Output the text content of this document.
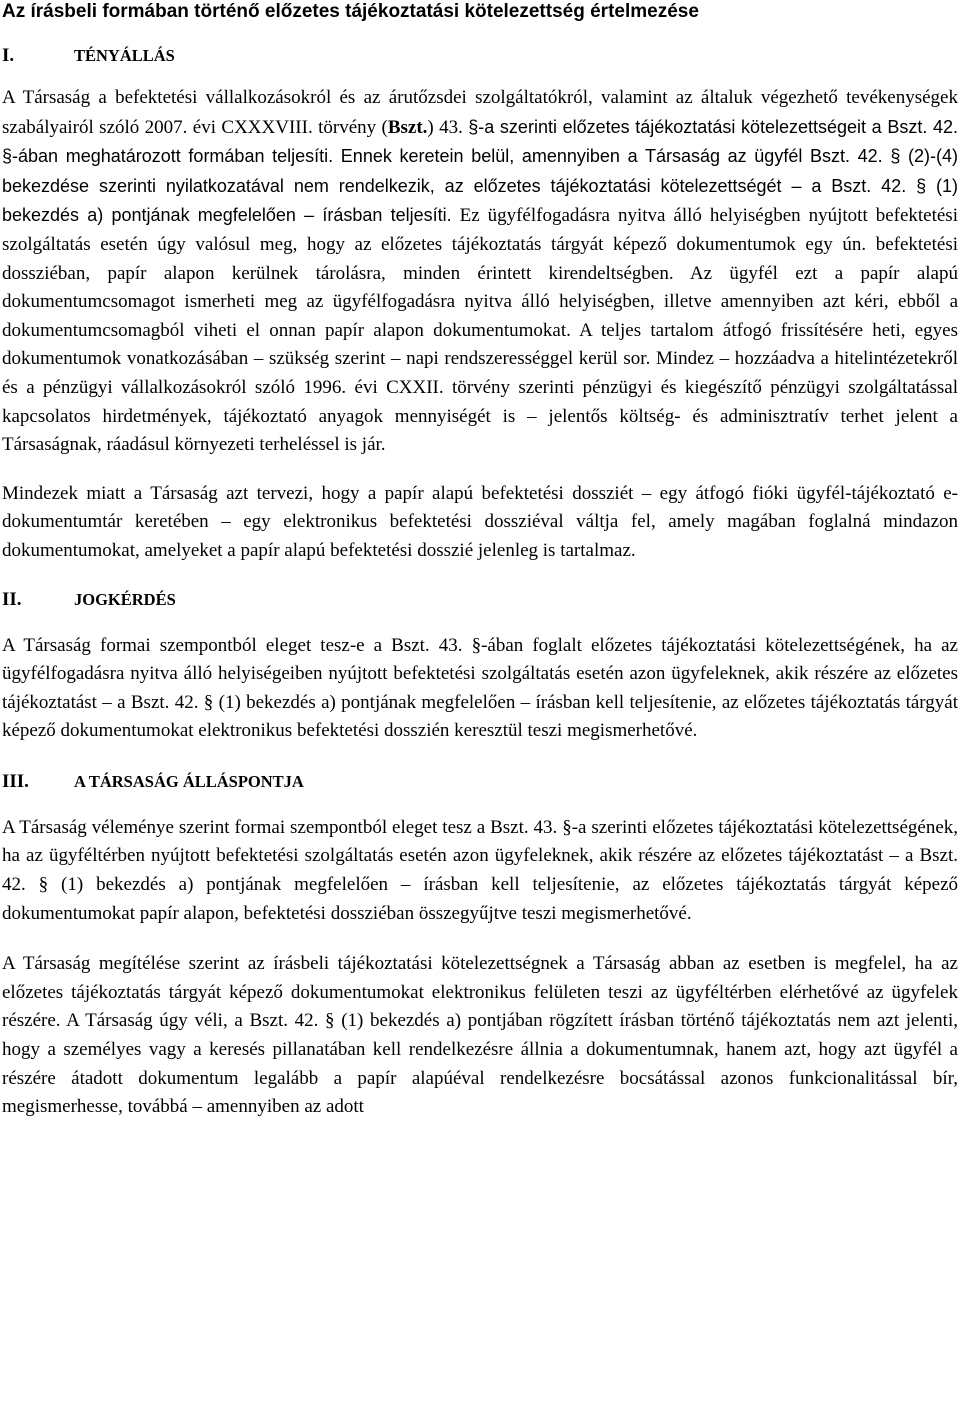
Az írásbeli formában történő előzetes tájékoztatási kötelezettség értelmezése
I.	TÉNYÁLLÁS

A Társaság a befektetési vállalkozásokról és az árutőzsdei szolgáltatókról, valamint az általuk végezhető tevékenységek szabályairól szóló 2007. évi CXXXVIII. törvény (Bszt.) 43. §-a szerinti előzetes tájékoztatási kötelezettségeit a Bszt. 42. §-ában meghatározott formában teljesíti. Ennek keretein belül, amennyiben a Társaság az ügyfél Bszt. 42. § (2)-(4) bekezdése szerinti nyilatkozatával nem rendelkezik, az előzetes tájékoztatási kötelezettségét – a Bszt. 42. § (1) bekezdés a) pontjának megfelelően – írásban teljesíti. Ez ügyfélfogadásra nyitva álló helyiségben nyújtott befektetési szolgáltatás esetén úgy valósul meg, hogy az előzetes tájékoztatás tárgyát képező dokumentumok egy ún. befektetési dossziéban, papír alapon kerülnek tárolásra, minden érintett kirendeltségben. Az ügyfél ezt a papír alapú dokumentumcsomagot ismerheti meg az ügyfélfogadásra nyitva álló helyiségben, illetve amennyiben azt kéri, ebből a dokumentumcsomagból viheti el onnan papír alapon dokumentumokat. A teljes tartalom átfogó frissítésére heti, egyes dokumentumok vonatkozásában – szükség szerint – napi rendszerességgel kerül sor. Mindez – hozzáadva a hitelintézetekről és a pénzügyi vállalkozásokról szóló 1996. évi CXXII. törvény szerinti pénzügyi és kiegészítő pénzügyi szolgáltatással kapcsolatos hirdetmények, tájékoztató anyagok mennyiségét is – jelentős költség- és adminisztratív terhet jelent a Társaságnak, ráadásul környezeti terheléssel is jár.

Mindezek miatt a Társaság azt tervezi, hogy a papír alapú befektetési dossziét – egy átfogó fióki ügyfél-tájékoztató e-dokumentumtár keretében – egy elektronikus befektetési dossziéval váltja fel, amely magában foglalná mindazon dokumentumokat, amelyeket a papír alapú befektetési dosszié jelenleg is tartalmaz.

II.	JOGKÉRDÉS

A Társaság formai szempontból eleget tesz-e a Bszt. 43. §-ában foglalt előzetes tájékoztatási kötelezettségének, ha az ügyfélfogadásra nyitva álló helyiségeiben nyújtott befektetési szolgáltatás esetén azon ügyfeleknek, akik részére az előzetes tájékoztatást – a Bszt. 42. § (1) bekezdés a) pontjának megfelelően – írásban kell teljesítenie, az előzetes tájékoztatás tárgyát képező dokumentumokat elektronikus befektetési dosszién keresztül teszi megismerhetővé.

III.	A TÁRSASÁG ÁLLÁSPONTJA

A Társaság véleménye szerint formai szempontból eleget tesz a Bszt. 43. §-a szerinti előzetes tájékoztatási kötelezettségének, ha az ügyféltérben nyújtott befektetési szolgáltatás esetén azon ügyfeleknek, akik részére az előzetes tájékoztatást – a Bszt. 42. § (1) bekezdés a) pontjának megfelelően – írásban kell teljesítenie, az előzetes tájékoztatás tárgyát képező dokumentumokat papír alapon, befektetési dossziéban összegyűjtve teszi megismerhetővé.

A Társaság megítélése szerint az írásbeli tájékoztatási kötelezettségnek a Társaság abban az esetben is megfelel, ha az előzetes tájékoztatás tárgyát képező dokumentumokat elektronikus felületen teszi az ügyféltérben elérhetővé az ügyfelek részére. A Társaság úgy véli, a Bszt. 42. § (1) bekezdés a) pontjában rögzített írásban történő tájékoztatás nem azt jelenti, hogy a személyes vagy a keresés pillanatában kell rendelkezésre állnia a dokumentumnak, hanem azt, hogy azt ügyfél a részére átadott dokumentum legalább a papír alapúéval rendelkezésre bocsátással azonos funkcionalitással bír, megismerhesse, továbbá – amennyiben az adott
